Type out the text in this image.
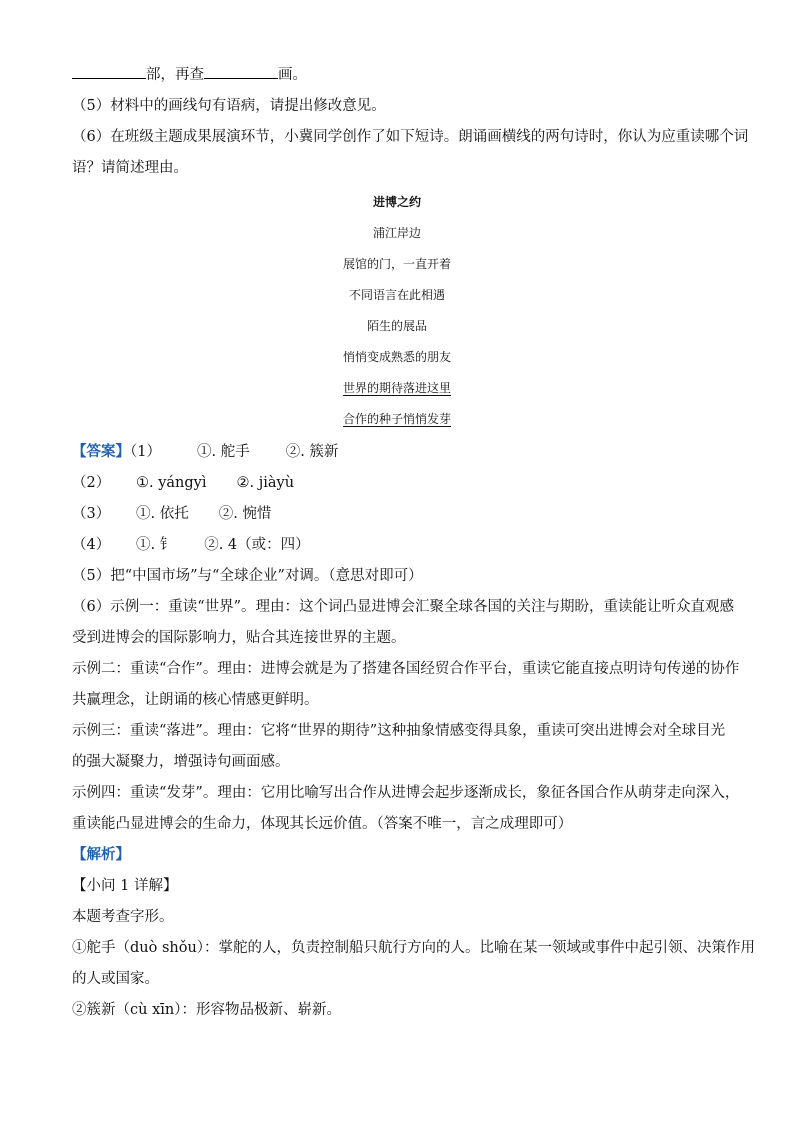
部，再查	画。
（5）材料中的画线句有语病，请提出修改意见。
（6）在班级主题成果展演环节，小冀同学创作了如下短诗。朗诵画横线的两句诗时，你认为应重读哪个词
语？请简述理由。
进博之约
浦江岸边
展馆的门，一直开着
不同语言在此相遇
陌生的展品
悄悄变成熟悉的朋友
世界的期待落进这里
合作的种子悄悄发芽
【答案】（1） ①. 舵手 ②. 簇新
（2） ①. yángyì ②. jiàyù
（3） ①. 依托 ②. 惋惜
（4） ①. 钅 ②. 4（或：四）
（5）把“中国市场”与“全球企业”对调。（意思对即可）
（6）示例一：重读“世界”。理由：这个词凸显进博会汇聚全球各国的关注与期盼，重读能让听众直观感
受到进博会的国际影响力，贴合其连接世界的主题。
示例二：重读“合作”。理由：进博会就是为了搭建各国经贸合作平台，重读它能直接点明诗句传递的协作
共赢理念，让朗诵的核心情感更鲜明。
示例三：重读“落进”。理由：它将“世界的期待”这种抽象情感变得具象，重读可突出进博会对全球目光
的强大凝聚力，增强诗句画面感。
示例四：重读“发芽”。理由：它用比喻写出合作从进博会起步逐渐成长，象征各国合作从萌芽走向深入，
重读能凸显进博会的生命力，体现其长远价值。（答案不唯一，言之成理即可）
【解析】
【小问 1 详解】
本题考查字形。
①舵手（duò shǒu）：掌舵的人，负责控制船只航行方向的人。比喻在某一领域或事件中起引领、决策作用
的人或国家。
②簇新（cù xīn）：形容物品极新、崭新。
